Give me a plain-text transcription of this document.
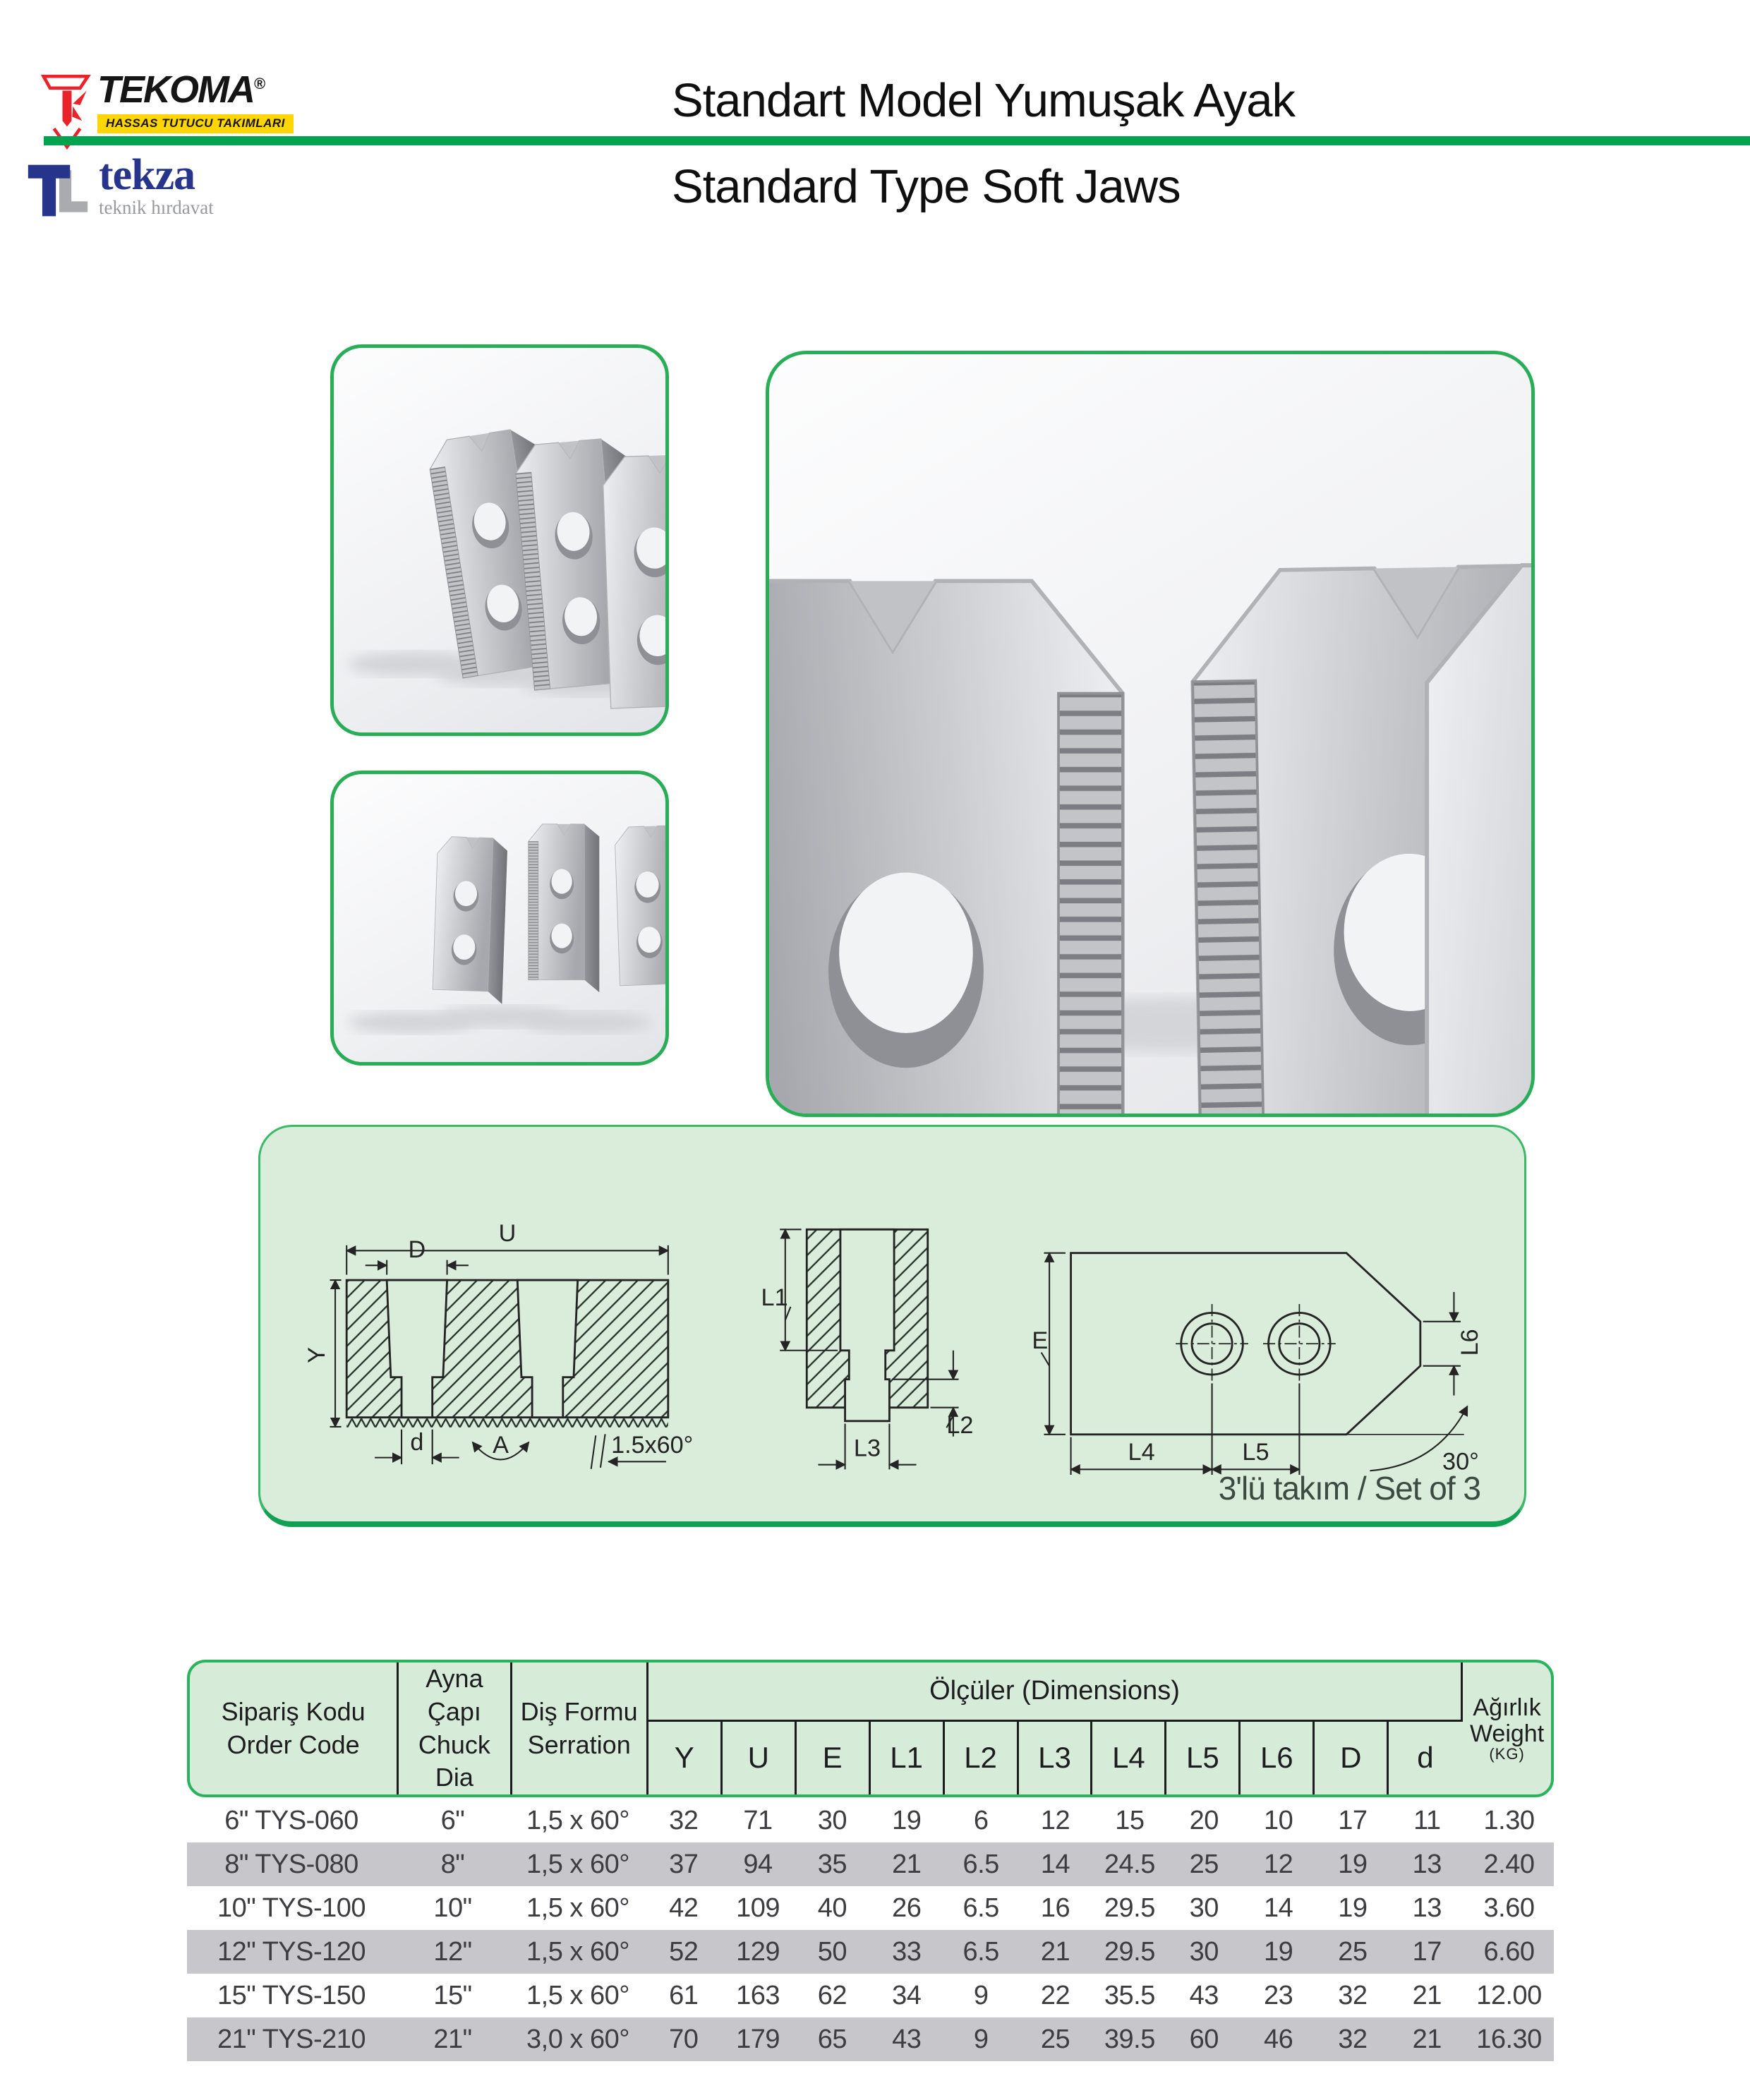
TEKOMA®
HASSAS TUTUCU TAKIMLARI
tekza
teknik hırdavat
Standart Model Yumuşak Ayak
Standard Type Soft Jaws
U
D
Y
d	A	1.5x60°
L1
L2
L3
E
L4	L5
L6
30°
3'lü takım / Set of 3
Sipariş Kodu
Order Code

Ayna Çapı
Chuck Dia

Diş Formu
Serration
	Ölçüler (Dimensions)	
Ağırlık
Weight
(KG)

			Y	U	E	L1	L2	L3	L4	L5	L6	D	d	
6" TYS-060	6"	1,5 x 60°	32	71	30	19	6	12	15	20	10	17	11	1.30
8" TYS-080	8"	1,5 x 60°	37	94	35	21	6.5	14	24.5	25	12	19	13	2.40
10" TYS-100	10"	1,5 x 60°	42	109	40	26	6.5	16	29.5	30	14	19	13	3.60
12" TYS-120	12"	1,5 x 60°	52	129	50	33	6.5	21	29.5	30	19	25	17	6.60
15" TYS-150	15"	1,5 x 60°	61	163	62	34	9	22	35.5	43	23	32	21	12.00
21" TYS-210	21"	3,0 x 60°	70	179	65	43	9	25	39.5	60	46	32	21	16.30
